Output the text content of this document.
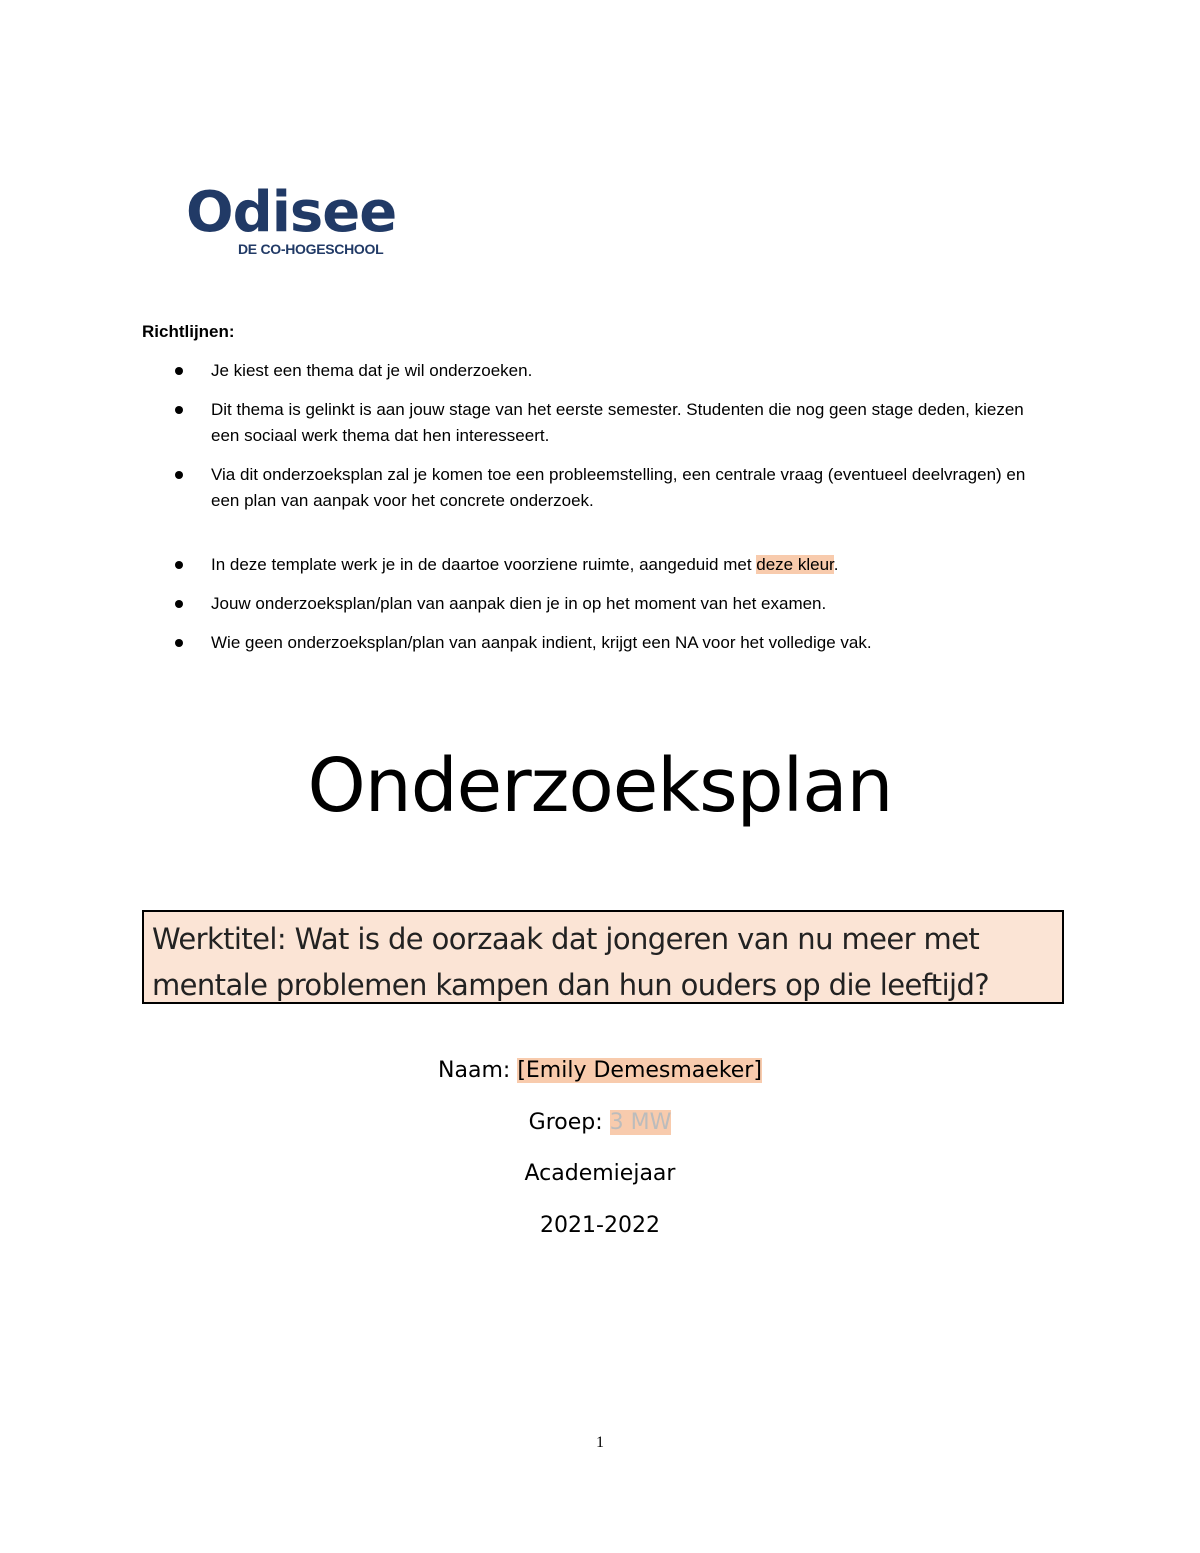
Odisee
DE CO-HOGESCHOOL
Richtlijnen:
Je kiest een thema dat je wil onderzoeken.
Dit thema is gelinkt is aan jouw stage van het eerste semester. Studenten die nog geen stage deden, kiezen een sociaal werk thema dat hen interesseert.
Via dit onderzoeksplan zal je komen toe een probleemstelling, een centrale vraag (eventueel deelvragen) en een plan van aanpak voor het concrete onderzoek.
In deze template werk je in de daartoe voorziene ruimte, aangeduid met deze kleur.
Jouw onderzoeksplan/plan van aanpak dien je in op het moment van het examen.
Wie geen onderzoeksplan/plan van aanpak indient, krijgt een NA voor het volledige vak.
Onderzoeksplan
Werktitel: Wat is de oorzaak dat jongeren van nu meer met mentale problemen kampen dan hun ouders op die leeftijd?
Naam: [Emily Demesmaeker]
Groep: 3 MW
Academiejaar
2021-2022
1
